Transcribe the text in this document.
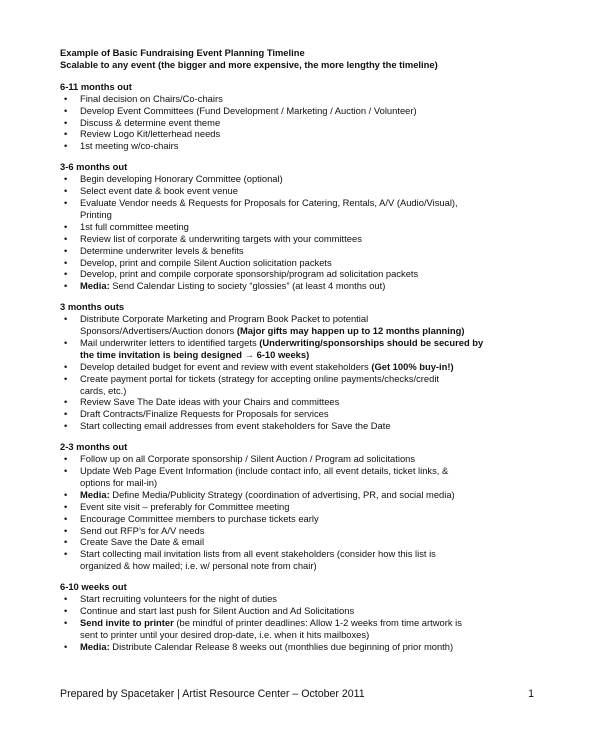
Example of Basic Fundraising Event Planning Timeline
Scalable to any event (the bigger and more expensive, the more lengthy the timeline)
6-11 months out
• Final decision on Chairs/Co-chairs
• Develop Event Committees (Fund Development / Marketing / Auction / Volunteer)
• Discuss & determine event theme
• Review Logo Kit/letterhead needs
• 1st meeting w/co-chairs
3-6 months out
• Begin developing Honorary Committee (optional)
• Select event date & book event venue
• Evaluate Vendor needs & Requests for Proposals for Catering, Rentals, A/V (Audio/Visual),
Printing
• 1st full committee meeting
• Review list of corporate & underwriting targets with your committees
• Determine underwriter levels & benefits
• Develop, print and compile Silent Auction solicitation packets
• Develop, print and compile corporate sponsorship/program ad solicitation packets
• Media: Send Calendar Listing to society “glossies” (at least 4 months out)
3 months outs
• Distribute Corporate Marketing and Program Book Packet to potential
Sponsors/Advertisers/Auction donors (Major gifts may happen up to 12 months planning)
• Mail underwriter letters to identified targets (Underwriting/sponsorships should be secured by
the time invitation is being designed → 6-10 weeks)
• Develop detailed budget for event and review with event stakeholders (Get 100% buy-in!)
• Create payment portal for tickets (strategy for accepting online payments/checks/credit
cards, etc.)
• Review Save The Date ideas with your Chairs and committees
• Draft Contracts/Finalize Requests for Proposals for services
• Start collecting email addresses from event stakeholders for Save the Date
2-3 months out
• Follow up on all Corporate sponsorship / Silent Auction / Program ad solicitations
• Update Web Page Event Information (include contact info, all event details, ticket links, &
options for mail-in)
• Media: Define Media/Publicity Strategy (coordination of advertising, PR, and social media)
• Event site visit – preferably for Committee meeting
• Encourage Committee members to purchase tickets early
• Send out RFP’s for A/V needs
• Create Save the Date & email
• Start collecting mail invitation lists from all event stakeholders (consider how this list is
organized & how mailed; i.e. w/ personal note from chair)
6-10 weeks out
• Start recruiting volunteers for the night of duties
• Continue and start last push for Silent Auction and Ad Solicitations
• Send invite to printer (be mindful of printer deadlines: Allow 1-2 weeks from time artwork is
sent to printer until your desired drop-date, i.e. when it hits mailboxes)
• Media: Distribute Calendar Release 8 weeks out (monthlies due beginning of prior month)
Prepared by Spacetaker | Artist Resource Center – October 2011	1
